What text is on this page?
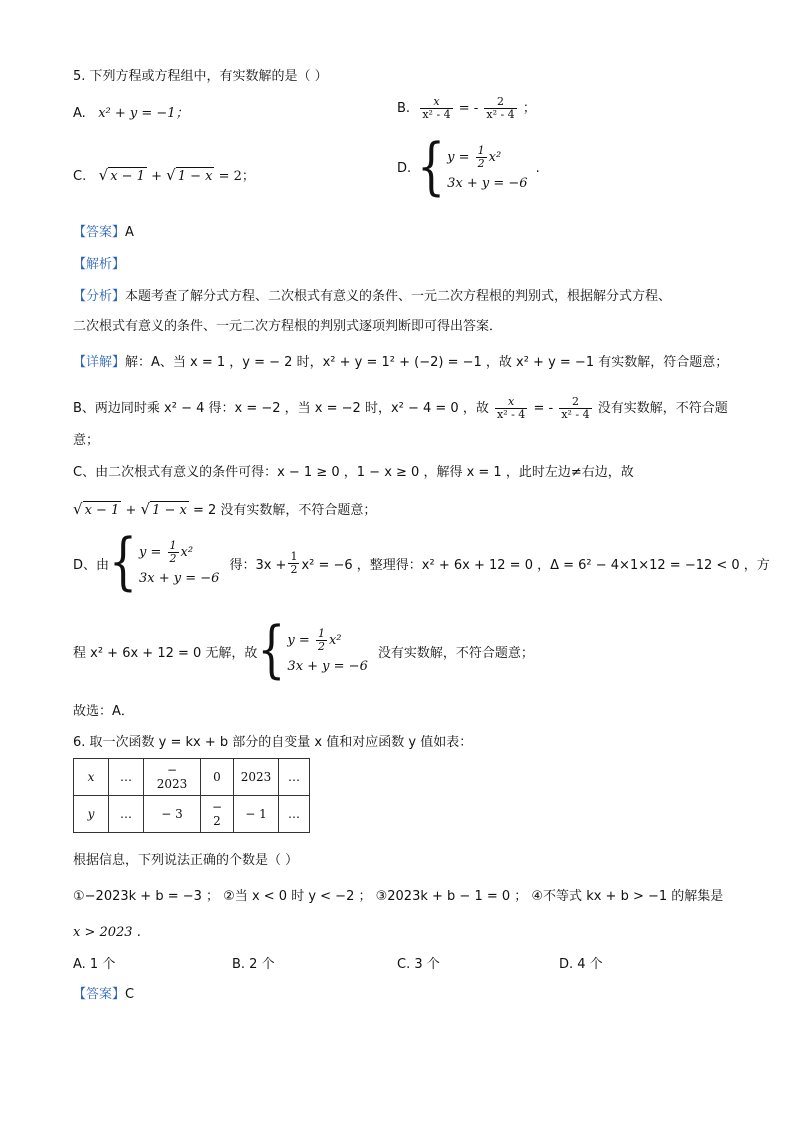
5. 下列方程或方程组中，有实数解的是（ ）
A. x² + y = −1；	B. $\frac{x}{\text{x² - 4}}$ = - $\frac{2}{\text{x² - 4}}$ ；
C. √ x − 1 + √ 1 − x = 2；
D. { $y = \frac{1}{2} x^2$
3x + y = −6
.
【答案】A
【解析】
【分析】本题考查了解分式方程、二次根式有意义的条件、一元二次方程根的判别式，根据解分式方程、
二次根式有意义的条件、一元二次方程根的判别式逐项判断即可得出答案．
【详解】解：A、当 x = 1 ，y = − 2 时，x² + y = 1² + (−2) = −1 ，故 x² + y = −1 有实数解，符合题意；
B、两边同时乘 x² − 4 得：x = −2 ，当 x = −2 时，x² − 4 = 0 ，故 $\frac{x}{\text{x² - 4}}$ = - $\frac{2}{\text{x² - 4}}$ 没有实数解，不符合题
意；
C、由二次根式有意义的条件可得：x − 1 ≥ 0 ，1 − x ≥ 0 ，解得 x = 1 ，此时左边≠右边，故
√ x − 1 + √ 1 − x = 2 没有实数解，不符合题意；
D、由 { $y = \frac{1}{2} x^2$
3x + y = −6
得：$3x + \frac{1}{2} x^2 = -6$ ，整理得：x² + 6x + 12 = 0 ，Δ = 6² − 4×1×12 = −12 < 0 ，方
程 x² + 6x + 12 = 0 无解，故 { $y = \frac{1}{2} x^2$
3x + y = −6
没有实数解，不符合题意；
故选：A．
6. 取一次函数 y = kx + b 部分的自变量 x 值和对应函数 y 值如表：
x	…	− 2023	0	2023	…
y	…	− 3	− 2	− 1	…
根据信息，下列说法正确的个数是（ ）
①−2023k + b = −3 ； ②当 x < 0 时 y < −2 ； ③2023k + b − 1 = 0 ； ④不等式 kx + b > −1 的解集是
x > 2023 .
A. 1 个	B. 2 个	C. 3 个	D. 4 个
【答案】C
